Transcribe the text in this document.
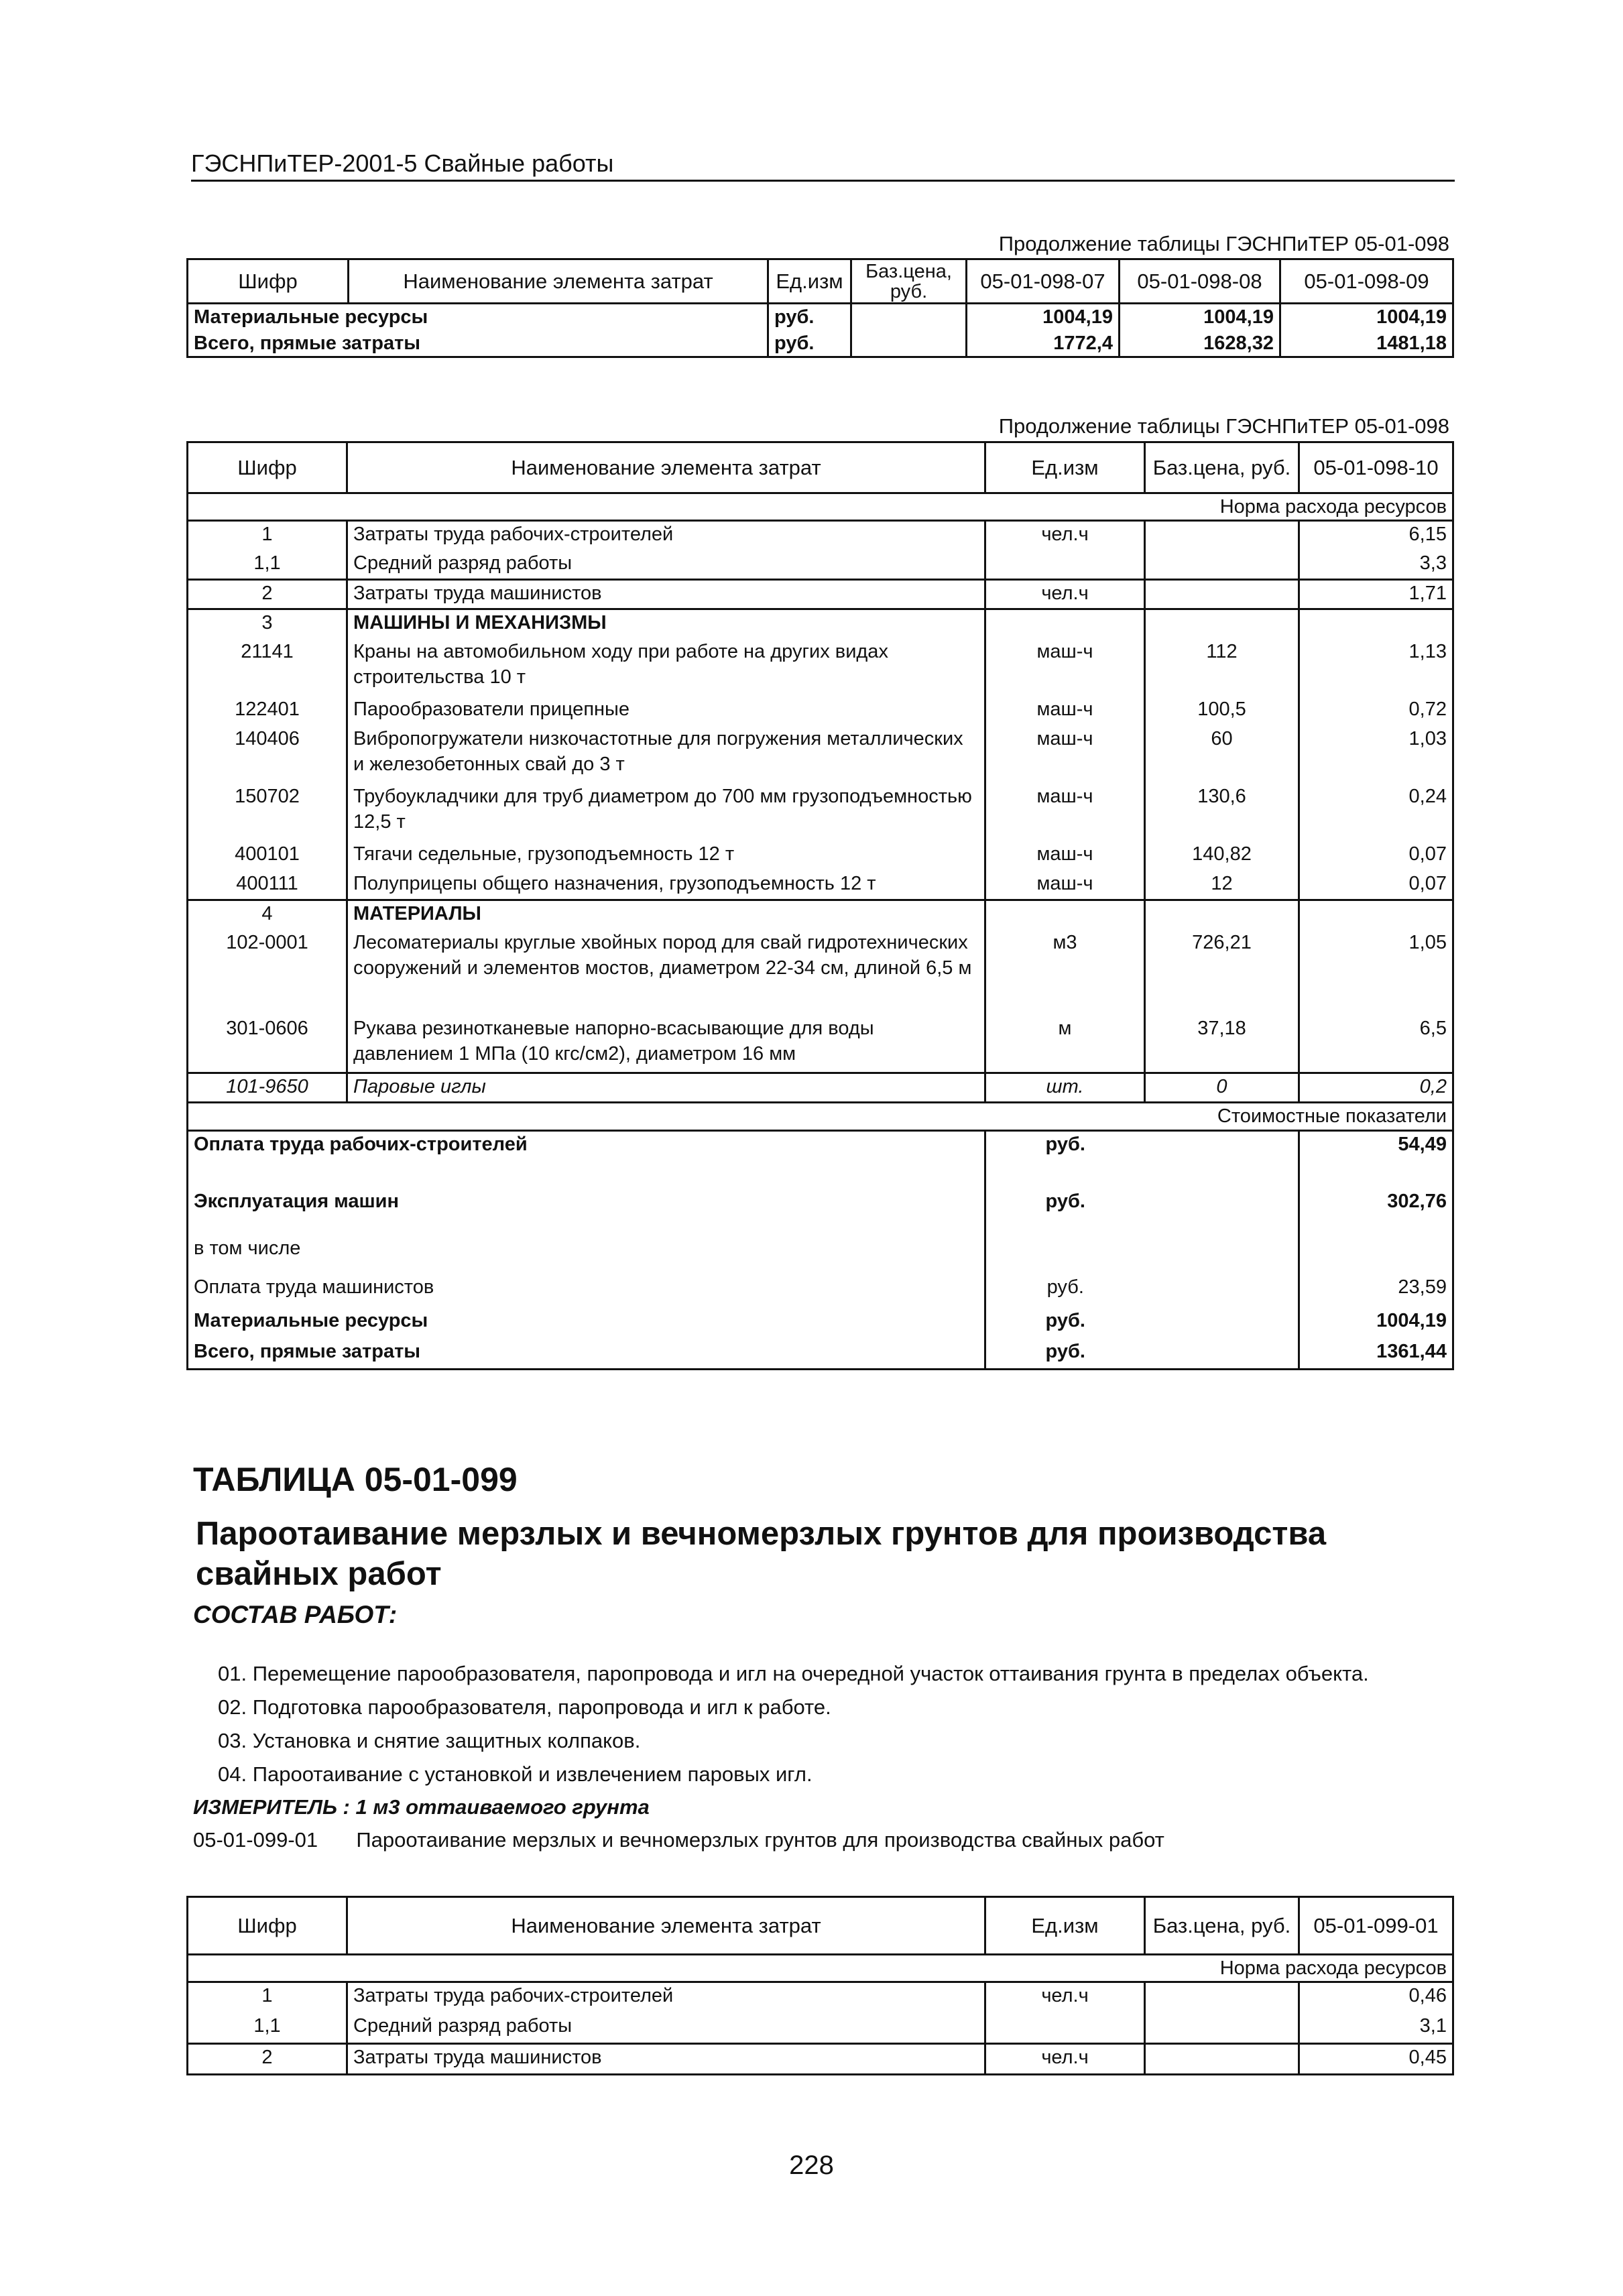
ГЭСНПиТЕР-2001-5 Свайные работы
Продолжение таблицы ГЭСНПиТЕР 05-01-098
Шифр	Наименование элемента затрат	Ед.изм	Баз.цена, руб.	05-01-098-07	05-01-098-08	05-01-098-09
Материальные ресурсы		руб.		1004,19	1004,19	1004,19
Всего, прямые затраты		руб.		1772,4	1628,32	1481,18
Продолжение таблицы ГЭСНПиТЕР 05-01-098
Шифр	Наименование элемента затрат	Ед.изм	Баз.цена, руб.	05-01-098-10
Норма расхода ресурсов				
1	Затраты труда рабочих-строителей	чел.ч		6,15
1,1	Средний разряд работы			3,3
2	Затраты труда машинистов	чел.ч		1,71
3	МАШИНЫ И МЕХАНИЗМЫ			
21141	Краны на автомобильном ходу при работе на других видах строительства 10 т	маш-ч	112	1,13
122401	Парообразователи прицепные	маш-ч	100,5	0,72
140406	Вибропогружатели низкочастотные для погружения металлических и железобетонных свай до 3 т	маш-ч	60	1,03
150702	Трубоукладчики для труб диаметром до 700 мм грузоподъемностью 12,5 т	маш-ч	130,6	0,24
400101	Тягачи седельные, грузоподъемность 12 т	маш-ч	140,82	0,07
400111	Полуприцепы общего назначения, грузоподъемность 12 т	маш-ч	12	0,07
4	МАТЕРИАЛЫ			
102-0001	Лесоматериалы круглые хвойных пород для свай гидротехнических сооружений и элементов мостов, диаметром 22-34 см, длиной 6,5 м	м3	726,21	1,05
301-0606	Рукава резинотканевые напорно-всасывающие для воды давлением 1 МПа (10 кгс/см2), диаметром 16 мм	м	37,18	6,5
101-9650	Паровые иглы	шт.	0	0,2
Стоимостные показатели				
Оплата труда рабочих-строителей		руб.		54,49
Эксплуатация машин		руб.		302,76
в том числе				
Оплата труда машинистов		руб.		23,59
Материальные ресурсы		руб.		1004,19
Всего, прямые затраты		руб.		1361,44
ТАБЛИЦА 05-01-099
Пароотаивание мерзлых и вечномерзлых грунтов для производства свайных работ
СОСТАВ РАБОТ:
01. Перемещение парообразователя, паропровода и игл на очередной участок оттаивания грунта в пределах объекта.
02. Подготовка парообразователя, паропровода и игл к работе.
03. Установка и снятие защитных колпаков.
04. Пароотаивание с установкой и извлечением паровых игл.
ИЗМЕРИТЕЛЬ : 1 м3 оттаиваемого грунта
05-01-099-01 Пароотаивание мерзлых и вечномерзлых грунтов для производства свайных работ
Шифр	Наименование элемента затрат	Ед.изм	Баз.цена, руб.	05-01-099-01
Норма расхода ресурсов				
1	Затраты труда рабочих-строителей	чел.ч		0,46
1,1	Средний разряд работы			3,1
2	Затраты труда машинистов	чел.ч		0,45
228
